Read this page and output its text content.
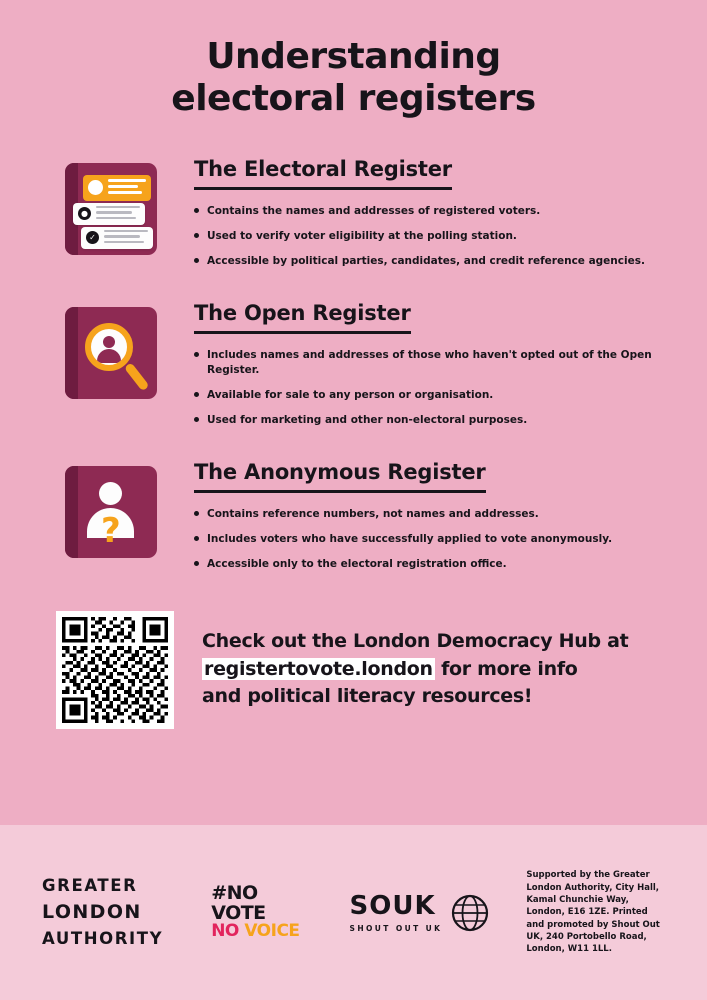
Understanding
electoral registers
●
✓
The Electoral Register
Contains the names and addresses of registered voters.
Used to verify voter eligibility at the polling station.
Accessible by political parties, candidates, and credit reference agencies.
The Open Register
Includes names and addresses of those who haven't opted out of the Open Register.
Available for sale to any person or organisation.
Used for marketing and other non-electoral purposes.
?
The Anonymous Register
Contains reference numbers, not names and addresses.
Includes voters who have successfully applied to vote anonymously.
Accessible only to the electoral registration office.
Check out the London Democracy Hub at
registertovote.london for more info
and political literacy resources!
GREATER
LONDON
AUTHORITY
#NO
VOTE
NO VOICE
SOUK
SHOUT OUT UK
Supported by the Greater London Authority, City Hall, Kamal Chunchie Way, London, E16 1ZE. Printed and promoted by Shout Out UK, 240 Portobello Road, London, W11 1LL.
